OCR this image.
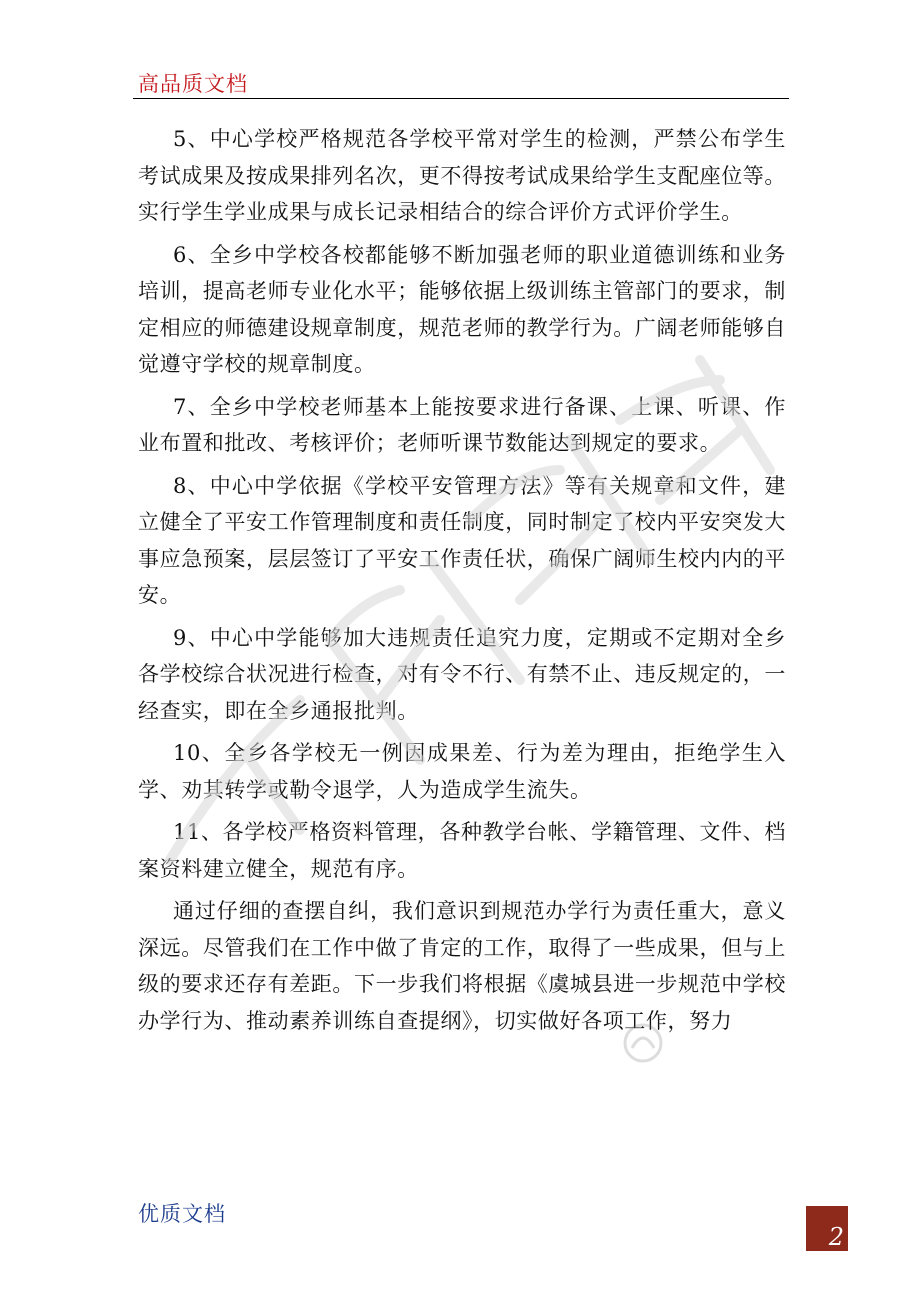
高品质文档

5、中心学校严格规范各学校平常对学生的检测，严禁公布学生考试成果及按成果排列名次，更不得按考试成果给学生支配座位等。实行学生学业成果与成长记录相结合的综合评价方式评价学生。

6、全乡中学校各校都能够不断加强老师的职业道德训练和业务培训，提高老师专业化水平；能够依据上级训练主管部门的要求，制定相应的师德建设规章制度，规范老师的教学行为。广阔老师能够自觉遵守学校的规章制度。

7、全乡中学校老师基本上能按要求进行备课、上课、听课、作业布置和批改、考核评价；老师听课节数能达到规定的要求。

8、中心中学依据《学校平安管理方法》等有关规章和文件，建立健全了平安工作管理制度和责任制度，同时制定了校内平安突发大事应急预案，层层签订了平安工作责任状，确保广阔师生校内内的平安。

9、中心中学能够加大违规责任追究力度，定期或不定期对全乡各学校综合状况进行检查，对有令不行、有禁不止、违反规定的，一经查实，即在全乡通报批判。

10、全乡各学校无一例因成果差、行为差为理由，拒绝学生入学、劝其转学或勒令退学，人为造成学生流失。

11、各学校严格资料管理，各种教学台帐、学籍管理、文件、档案资料建立健全，规范有序。

通过仔细的查摆自纠，我们意识到规范办学行为责任重大，意义深远。尽管我们在工作中做了肯定的工作，取得了一些成果，但与上级的要求还存有差距。下一步我们将根据《虞城县进一步规范中学校办学行为、推动素养训练自查提纲》，切实做好各项工作，努力

优质文档
2
